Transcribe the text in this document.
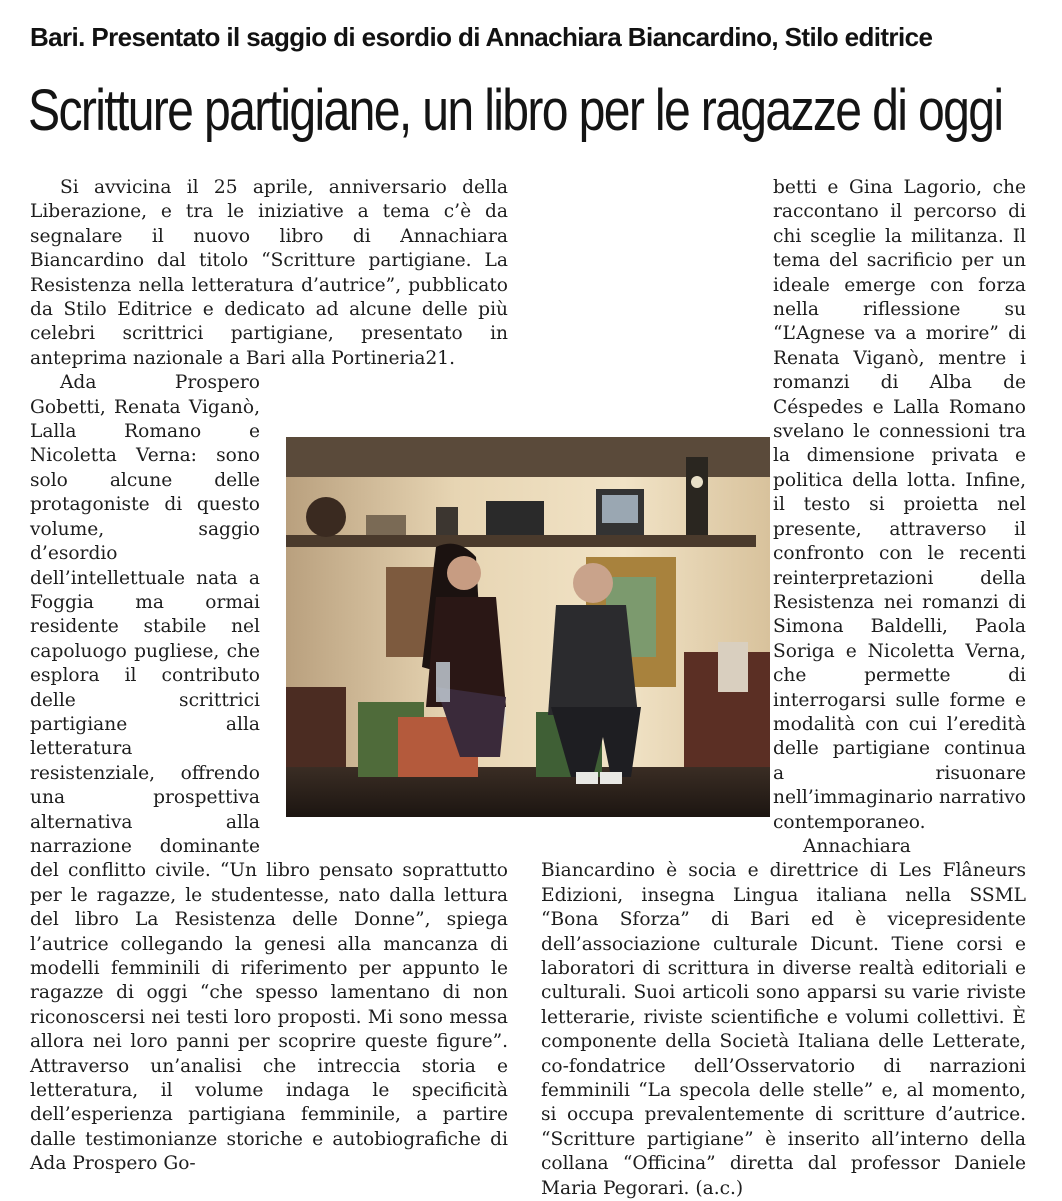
Bari. Presentato il saggio di esordio di Annachiara Biancardino, Stilo editrice
Scritture partigiane, un libro per le ragazze di oggi

Si avvicina il 25 aprile, anniversario della Liberazione, e tra le iniziative a tema c’è da segnalare il nuovo libro di Annachiara Biancardino dal titolo “Scritture partigiane. La Resistenza nella letteratura d’autrice”, pubblicato da Stilo Editrice e dedicato ad alcune delle più celebri scrittrici partigiane, presentato in anteprima nazionale a Bari alla Portineria21.

Ada Prospero Gobetti, Renata Viganò, Lalla Romano e Nicoletta Verna: sono solo alcune delle protagoniste di questo volume, saggio d’esordio dell’intellettuale nata a Foggia ma ormai residente stabile nel capoluogo pugliese, che esplora il contributo delle scrittrici partigiane alla letteratura resistenziale, offrendo una prospettiva alternativa alla narrazione dominante del conflitto civile. “Un libro pensato soprattutto per le ragazze, le studentesse, nato dalla lettura del libro La Resistenza delle Donne”, spiega l’autrice collegando la genesi alla mancanza di modelli femminili di riferimento per appunto le ragazze di oggi “che spesso lamentano di non riconoscersi nei testi loro proposti. Mi sono messa allora nei loro panni per scoprire queste figure”. Attraverso un’analisi che intreccia storia e letteratura, il volume indaga le specificità dell’esperienza partigiana femminile, a partire dalle testimonianze storiche e autobiografiche di Ada Prospero Go-

betti e Gina Lagorio, che raccontano il percorso di chi sceglie la militanza. Il tema del sacrificio per un ideale emerge con forza nella riflessione su “L’Agnese va a morire” di Renata Viganò, mentre i romanzi di Alba de Céspedes e Lalla Romano svelano le connessioni tra la dimensione privata e politica della lotta. Infine, il testo si proietta nel presente, attraverso il confronto con le recenti reinterpretazioni della Resistenza nei romanzi di Simona Baldelli, Paola Soriga e Nicoletta Verna, che permette di interrogarsi sulle forme e modalità con cui l’eredità delle partigiane continua a risuonare nell’immaginario narrativo contemporaneo.

Annachiara Biancardino è socia e direttrice di Les Flâneurs Edizioni, insegna Lingua italiana nella SSML “Bona Sforza” di Bari ed è vicepresidente dell’associazione culturale Dicunt. Tiene corsi e laboratori di scrittura in diverse realtà editoriali e culturali. Suoi articoli sono apparsi su varie riviste letterarie, riviste scientifiche e volumi collettivi. È componente della Società Italiana delle Letterate, co-fondatrice dell’Osservatorio di narrazioni femminili “La specola delle stelle” e, al momento, si occupa prevalentemente di scritture d’autrice. “Scritture partigiane” è inserito all’interno della collana “Officina” diretta dal professor Daniele Maria Pegorari. (a.c.)
